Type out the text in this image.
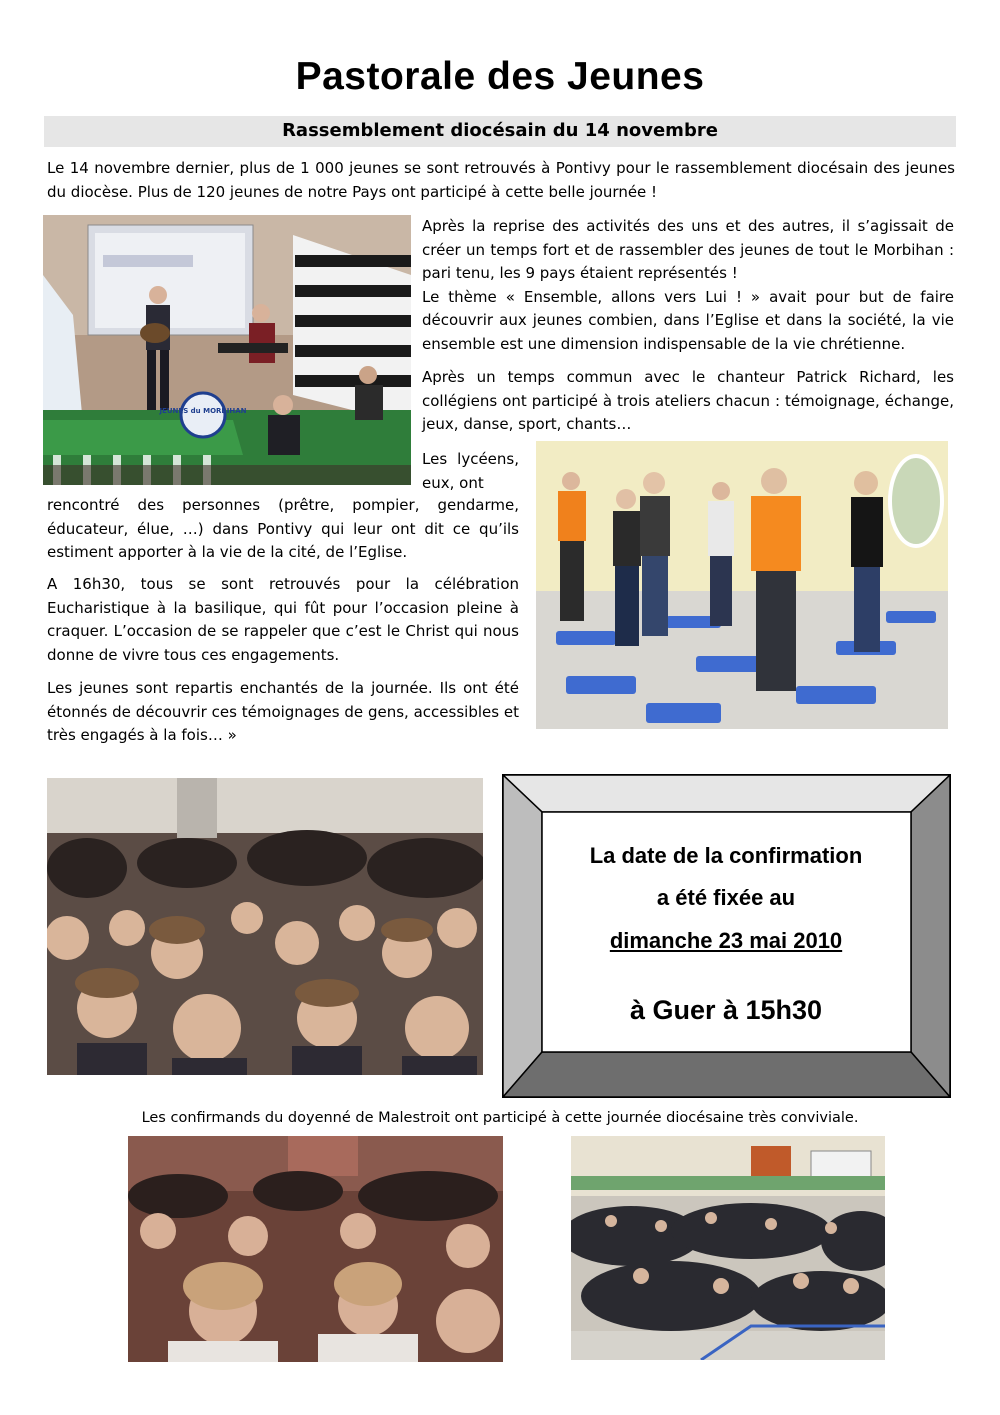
Pastorale des Jeunes
Rassemblement diocésain du 14 novembre

Le 14 novembre dernier, plus de 1 000 jeunes se sont retrouvés à Pontivy pour le rassemblement diocésain des jeunes du diocèse. Plus de 120 jeunes de notre Pays ont participé à cette belle journée !

JEUNES du MORBIHAN

Après la reprise des activités des uns et des autres, il s’agissait de créer un temps fort et de rassembler des jeunes de tout le Morbihan : pari tenu, les 9 pays étaient représentés !

Le thème « Ensemble, allons vers Lui ! » avait pour but de faire découvrir aux jeunes combien, dans l’Eglise et dans la société, la vie ensemble est une dimension indispensable de la vie chrétienne.

Après un temps commun avec le chanteur Patrick Richard, les collégiens ont participé à trois ateliers chacun : témoignage, échange, jeux, danse, sport, chants…

Les lycéens, eux, ont

rencontré des personnes (prêtre, pompier, gendarme, éducateur, élue, …) dans Pontivy qui leur ont dit ce qu’ils estiment apporter à la vie de la cité, de l’Eglise.

A 16h30, tous se sont retrouvés pour la célébration Eucharistique à la basilique, qui fût pour l’occasion pleine à craquer. L’occasion de se rappeler que c’est le Christ qui nous donne de vivre tous ces engagements.

Les jeunes sont repartis enchantés de la journée. Ils ont été étonnés de découvrir ces témoignages de gens, accessibles et très engagés à la fois… »

La date de la confirmation
a été fixée au
dimanche 23 mai 2010
à Guer à 15h30
Les confirmands du doyenné de Malestroit ont participé à cette journée diocésaine très conviviale.
